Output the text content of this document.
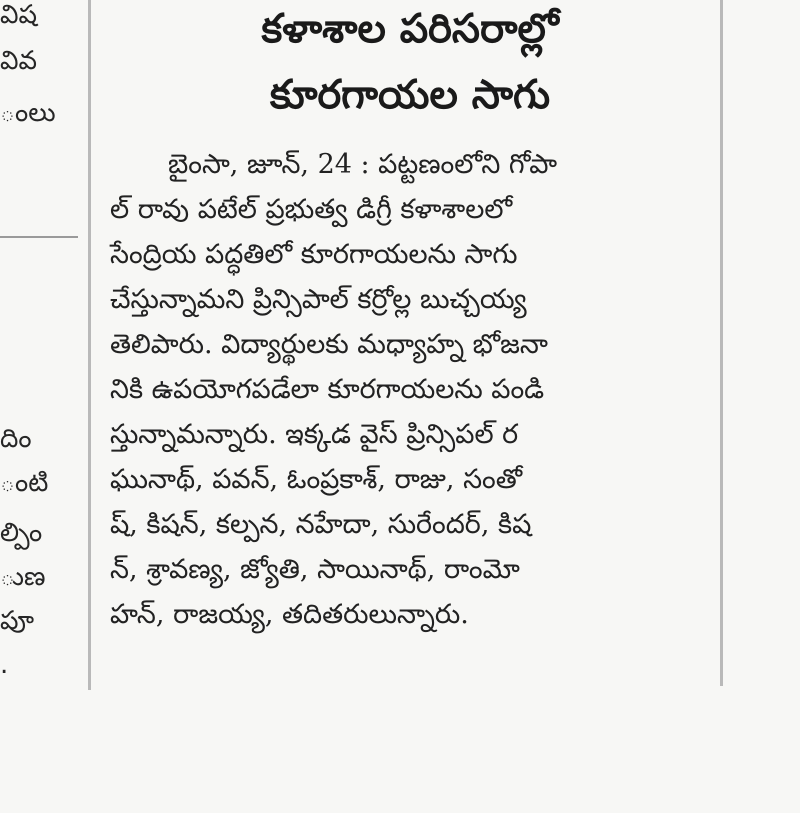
విష
వివ
ంలు
దిం
ంటి
ల్పిం
ుణ
పూ
.
కళాశాల పరిసరాల్లో
కూరగాయల సాగు
బైంసా, జూన్, 24 : పట్టణంలోని గోపా
ల్ రావు పటేల్ ప్రభుత్వ డిగ్రీ కళాశాలలో
సేంద్రియ పద్ధతిలో కూరగాయలను సాగు
చేస్తున్నామని ప్రిన్సిపాల్ కర్రోల్ల బుచ్చయ్య
తెలిపారు. విద్యార్థులకు మధ్యాహ్న భోజనా
నికి ఉపయోగపడేలా కూరగాయలను పండి
స్తున్నామన్నారు. ఇక్కడ వైస్ ప్రిన్సిపల్ ర
ఘునాథ్, పవన్, ఓంప్రకాశ్, రాజు, సంతో
ష్, కిషన్, కల్పన, నహేదా, సురేందర్, కిష
న్, శ్రావణ్య, జ్యోతి, సాయినాథ్, రాంమో
హన్, రాజయ్య, తదితరులున్నారు.
